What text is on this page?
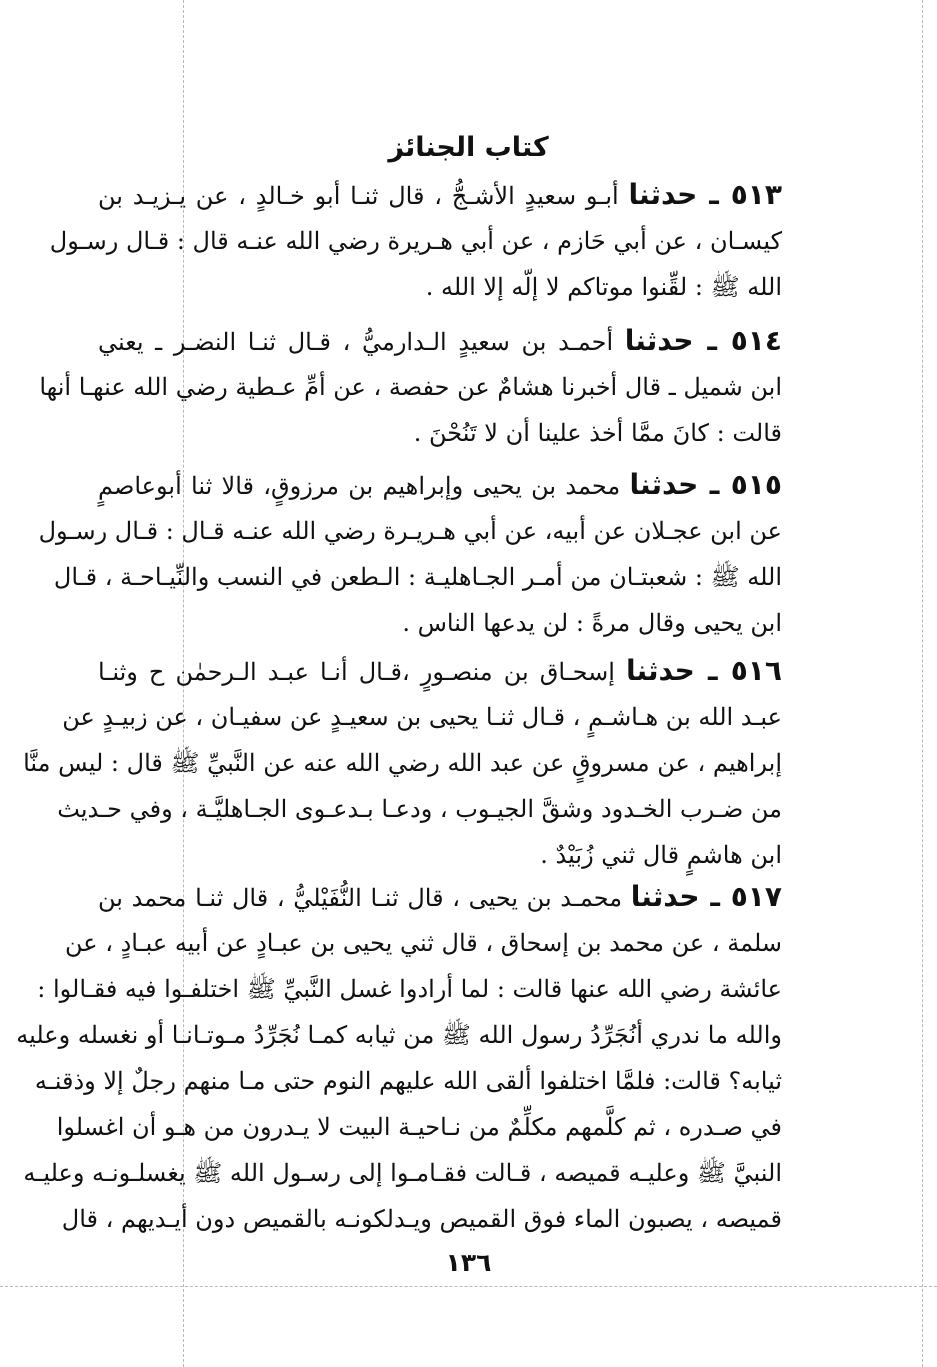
كتاب الجنائز
٥١٣ ـ حدثنا أبـو سعيدٍ الأشـجُّ ، قال ثنـا أبو خـالدٍ ، عن يـزيـد بن
كيسـان ، عن أبي حَازم ، عن أبي هـريرة رضي الله عنـه قال : قـال رسـول
الله ﷺ : لقِّنوا موتاكم لا إلّه إلا الله .
٥١٤ ـ حدثنا أحمـد بن سعيدٍ الـدارميُّ ، قـال ثنـا النضـر ـ يعني
ابن شميل ـ قال أخبرنا هشامٌ عن حفصة ، عن أمِّ عـطية رضي الله عنهـا أنها
قالت : كانَ ممَّا أخذ علينا أن لا تَنُحْنَ .
٥١٥ ـ حدثنا محمد بن يحيى وإبراهيم بن مرزوقٍ، قالا ثنا أبوعاصمٍ
عن ابن عجـلان عن أبيه، عن أبي هـريـرة رضي الله عنـه قـال : قـال رسـول
الله ﷺ : شعبتـان من أمـر الجـاهليـة : الـطعن في النسب والنِّيـاحـة ، قـال
ابن يحيى وقال مرةً : لن يدعها الناس .
٥١٦ ـ حدثنا إسحـاق بن منصـورٍ ،قـال أنـا عبـد الـرحمٰن ح وثنـا
عبـد الله بن هـاشـمٍ ، قـال ثنـا يحيى بن سعيـدٍ عن سفيـان ، عن زبيـدٍ عن
إبراهيم ، عن مسروقٍ عن عبد الله رضي الله عنه عن النَّبيِّ ﷺ قال : ليس منَّا
من ضـرب الخـدود وشقَّ الجيـوب ، ودعـا بـدعـوى الجـاهليَّـة ، وفي حـديث
ابن هاشمٍ قال ثني زُبَيْدٌ .
٥١٧ ـ حدثنا محمـد بن يحيى ، قال ثنـا النُّفَيْليُّ ، قال ثنـا محمد بن
سلمة ، عن محمد بن إسحاق ، قال ثني يحيى بن عبـادٍ عن أبيه عبـادٍ ، عن
عائشة رضي الله عنها قالت : لما أرادوا غسل النَّبيِّ ﷺ اختلفـوا فيه فقـالوا :
والله ما ندري أنُجَرِّدُ رسول الله ﷺ من ثيابه كمـا نُجَرِّدُ مـوتـانـا أو نغسله وعليه
ثيابه؟ قالت: فلمَّا اختلفوا ألقى الله عليهم النوم حتى مـا منهم رجلٌ إلا وذقنـه
في صـدره ، ثم كلَّمهم مكلِّمٌ من نـاحيـة البيت لا يـدرون من هـو أن اغسلوا
النبيَّ ﷺ وعليـه قميصه ، قـالت فقـامـوا إلى رسـول الله ﷺ يغسلـونـه وعليـه
قميصه ، يصبون الماء فوق القميص ويـدلكونـه بالقميص دون أيـديهم ، قال
١٣٦
